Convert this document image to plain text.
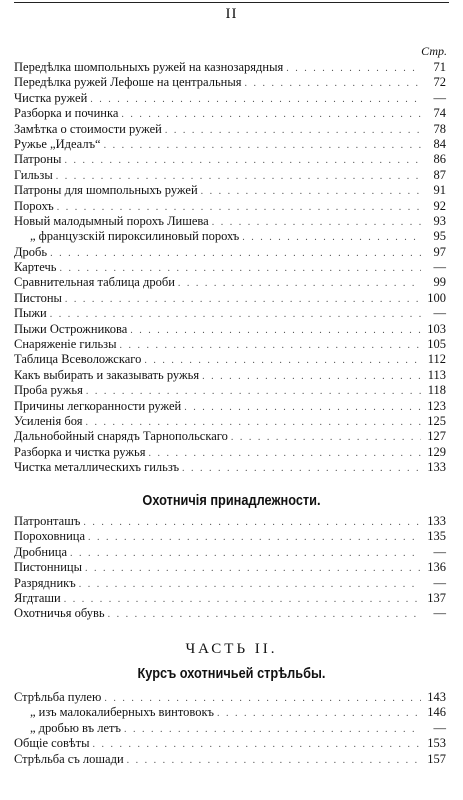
II
Стр.
Передѣлка шомпольныхъ ружей на казнозарядныя . . .	71
Передѣлка ружей Лефоше на центральныя . . .	72
Чистка ружей . . .	—
Разборка и починка . . .	74
Замѣтка о стоимости ружей . . .	78
Ружье „Идеалъ“ . . .	84
Патроны . . .	86
Гильзы . . .	87
Патроны для шомпольныхъ ружей . . .	91
Порохъ . . .	92
Новый малодымный порохъ Лишева . . .	93
„ французскій пироксилиновый порохъ . . .	95
Дробь . . .	97
Картечь . . .	—
Сравнительная таблица дроби . . .	99
Пистоны . . .	100
Пыжи . . .	—
Пыжи Острожникова . . .	103
Снаряженіе гильзы . . .	105
Таблица Всеволожскаго . . .	112
Какъ выбирать и заказывать ружья . . .	113
Проба ружья . . .	118
Причины легкоранности ружей . . .	123
Усиленія боя . . .	125
Дальнобойный снарядъ Тарнопольскаго . . .	127
Разборка и чистка ружья . . .	129
Чистка металлическихъ гильзъ . . .	133
Охотничія принадлежности.
Патронташъ . . .	133
Пороховница . . .	135
Дробница . . .	—
Пистонницы . . .	136
Разрядникъ . . .	—
Ягдташи . . .	137
Охотничья обувь . . .	—
ЧАСТЬ II.
Курсъ охотничьей стрѣльбы.
Стрѣльба пулею . . .	143
„ изъ малокалиберныхъ винтовокъ . . .	146
„ дробью въ летъ . . .	—
Общіе совѣты . . .	153
Стрѣльба съ лошади . . .	157
